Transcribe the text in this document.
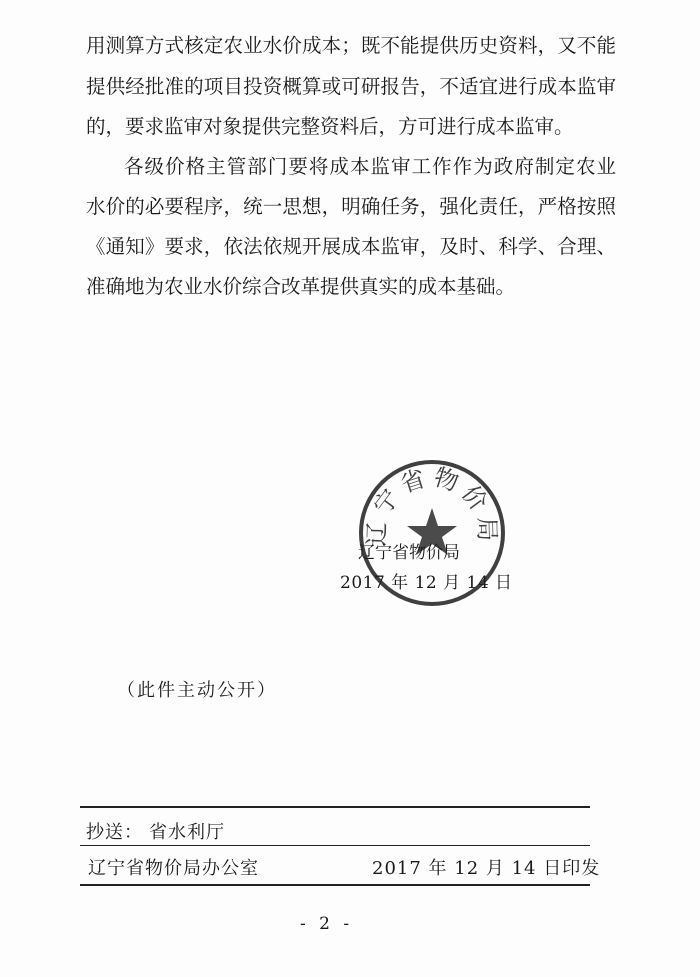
用测算方式核定农业水价成本；既不能提供历史资料，又不能
提供经批准的项目投资概算或可研报告，不适宜进行成本监审
的，要求监审对象提供完整资料后，方可进行成本监审。
各级价格主管部门要将成本监审工作作为政府制定农业
水价的必要程序，统一思想，明确任务，强化责任，严格按照
《通知》要求，依法依规开展成本监审，及时、科学、合理、
准确地为农业水价综合改革提供真实的成本基础。
辽宁省物价局
2017 年 12 月 14 日
辽宁省物价局
（此件主动公开）
抄送： 省水利厅
辽宁省物价局办公室	2017 年 12 月 14 日印发
- 2 -
